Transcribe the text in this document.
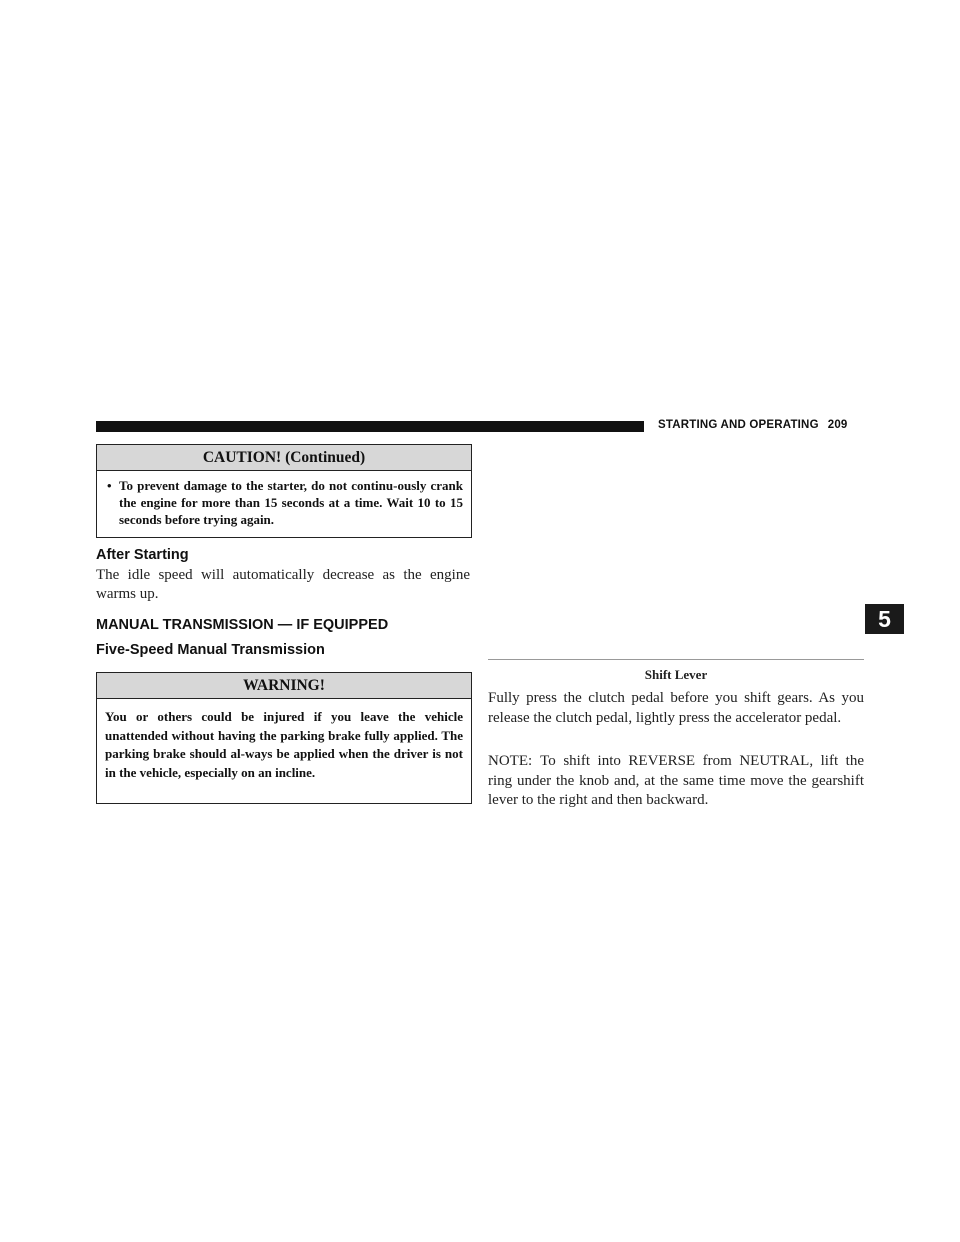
STARTING AND OPERATING 209
5
CAUTION! (Continued)
• To prevent damage to the starter, do not continu-ously crank the engine for more than 15 seconds at a time. Wait 10 to 15 seconds before trying again.
After Starting

The idle speed will automatically decrease as the engine warms up.

MANUAL TRANSMISSION — IF EQUIPPED
Five-Speed Manual Transmission
WARNING!
You or others could be injured if you leave the vehicle unattended without having the parking brake fully applied. The parking brake should al-ways be applied when the driver is not in the vehicle, especially on an incline.
Shift Lever

Fully press the clutch pedal before you shift gears. As you release the clutch pedal, lightly press the accelerator pedal.

NOTE: To shift into REVERSE from NEUTRAL, lift the ring under the knob and, at the same time move the gearshift lever to the right and then backward.
